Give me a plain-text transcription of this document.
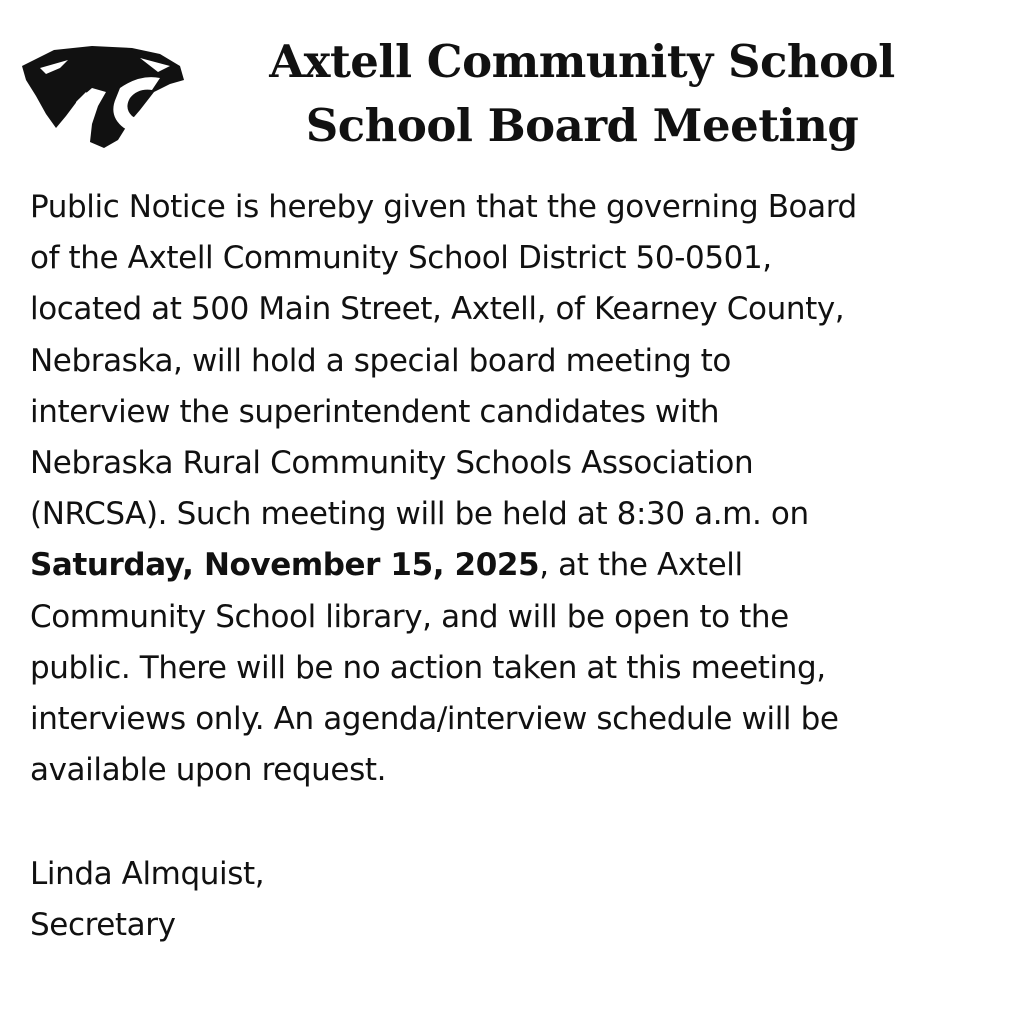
Axtell Community School
School Board Meeting
Public Notice is hereby given that the governing Board
of the Axtell Community School District 50-0501,
located at 500 Main Street, Axtell, of Kearney County,
Nebraska, will hold a special board meeting to
interview the superintendent candidates with
Nebraska Rural Community Schools Association
(NRCSA). Such meeting will be held at 8:30 a.m. on
Saturday, November 15, 2025, at the Axtell
Community School library, and will be open to the
public. There will be no action taken at this meeting,
interviews only. An agenda/interview schedule will be
available upon request.
Linda Almquist,
Secretary
